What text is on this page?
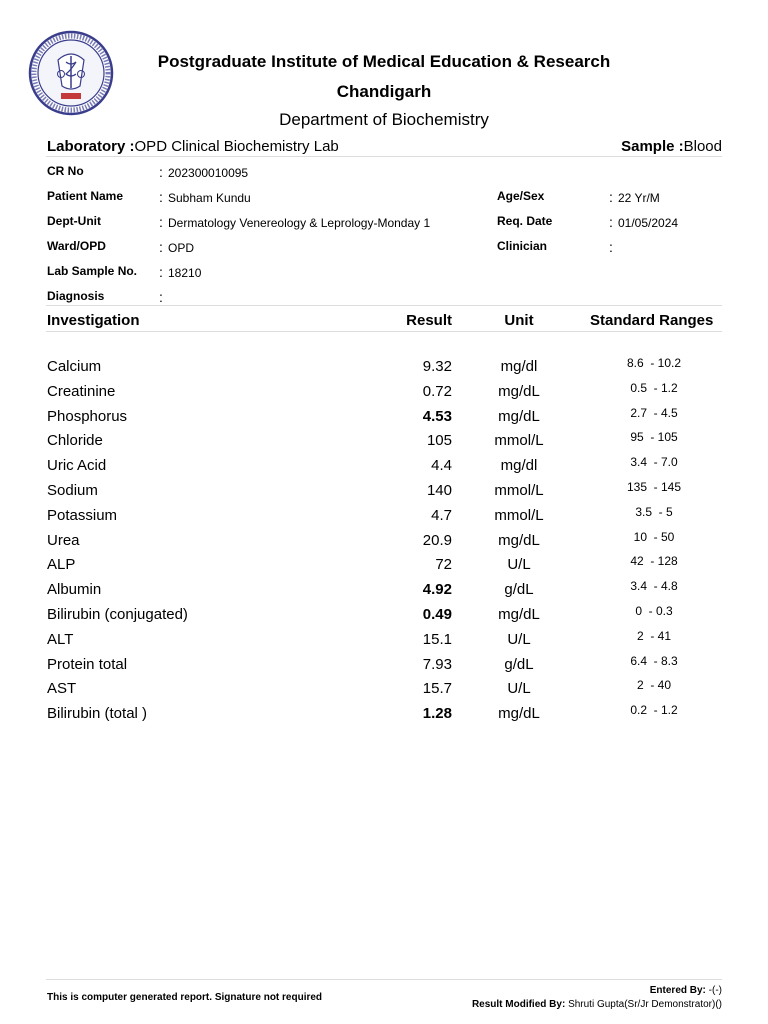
Postgraduate Institute of Medical Education & Research
Chandigarh
Department of Biochemistry
Laboratory :OPD Clinical Biochemistry Lab	Sample :Blood
CR No	: 202300010095
Patient Name	: Subham Kundu
Dept-Unit	: Dermatology Venereology & Leprology-Monday 1
Ward/OPD	: OPD
Lab Sample No. : 18210
Diagnosis	:
Age/Sex	: 22 Yr/M
Req. Date	: 01/05/2024
Clinician	:
Investigation	Result	Unit	Standard Ranges
Calcium	9.32	mg/dl	8.6  - 10.2
Creatinine	0.72	mg/dL	0.5  - 1.2
Phosphorus	4.53	mg/dL	2.7  - 4.5
Chloride	105	mmol/L	95  - 105
Uric Acid	4.4	mg/dl	3.4  - 7.0
Sodium	140	mmol/L	135  - 145
Potassium	4.7	mmol/L	3.5  - 5
Urea	20.9	mg/dL	10  - 50
ALP	72	U/L	42  - 128
Albumin	4.92	g/dL	3.4  - 4.8
Bilirubin (conjugated)	0.49	mg/dL	0  - 0.3
ALT	15.1	U/L	2  - 41
Protein total	7.93	g/dL	6.4  - 8.3
AST	15.7	U/L	2  - 40
Bilirubin (total )	1.28	mg/dL	0.2  - 1.2
This is computer generated report. Signature not required
Entered By: -(-)
Result Modified By: Shruti Gupta(Sr/Jr Demonstrator)()
